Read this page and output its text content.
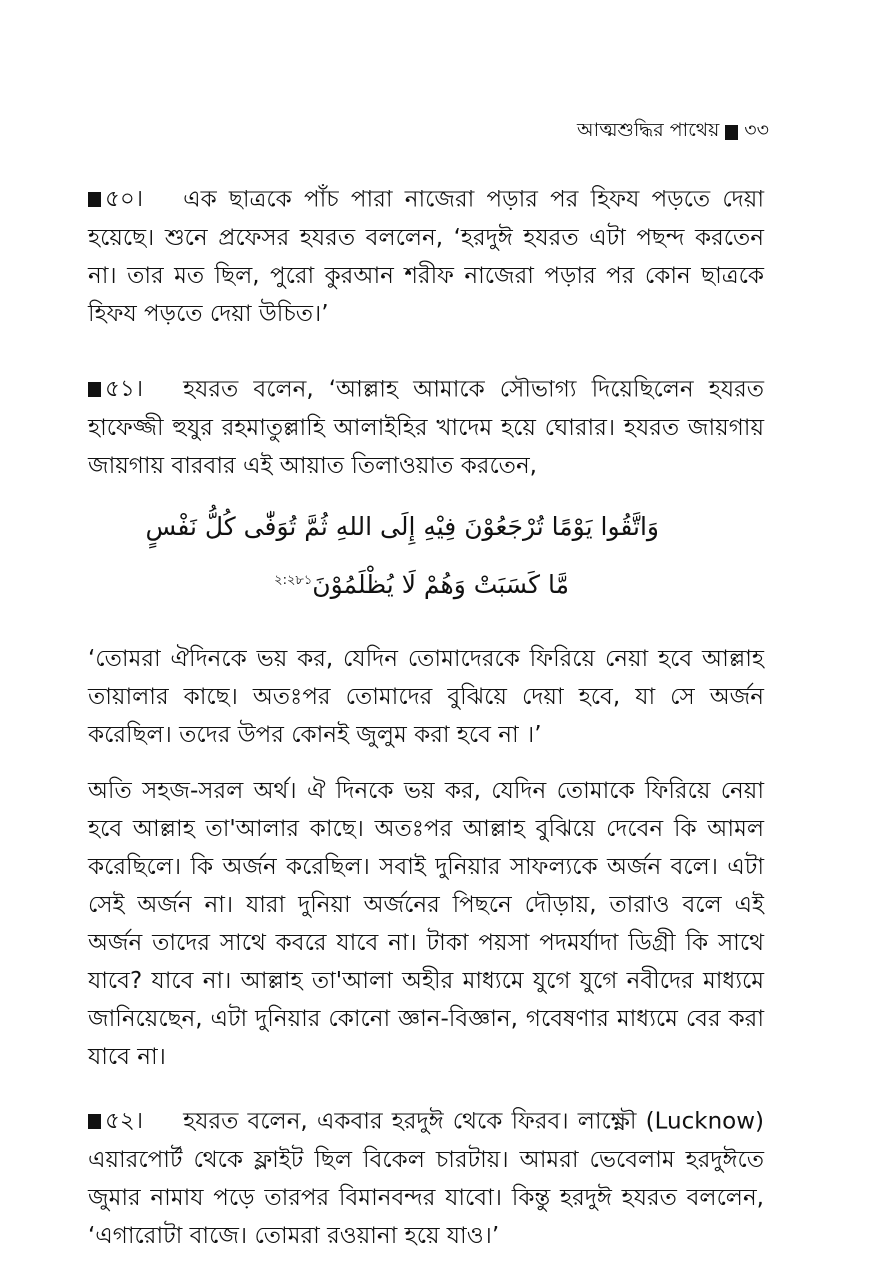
আত্মশুদ্ধির পাথেয় ৩৩
৫০। এক ছাত্রকে পাঁচ পারা নাজেরা পড়ার পর হিফয পড়তে দেয়া হয়েছে। শুনে প্রফেসর হযরত বললেন, ‘হরদুঈ হযরত এটা পছন্দ করতেন না। তার মত ছিল, পুরো কুরআন শরীফ নাজেরা পড়ার পর কোন ছাত্রকে হিফয পড়তে দেয়া উচিত।’
৫১। হযরত বলেন, ‘আল্লাহ আমাকে সৌভাগ্য দিয়েছিলেন হযরত হাফেজ্জী হুযুর রহমাতুল্লাহি আলাইহির খাদেম হয়ে ঘোরার। হযরত জায়গায় জায়গায় বারবার এই আয়াত তিলাওয়াত করতেন,
وَاتَّقُوا يَوْمًا تُرْجَعُوْنَ فِيْهِ إِلَى اللهِ ثُمَّ تُوَفّٰى كُلُّ نَفْسٍ
مَّا كَسَبَتْ وَهُمْ لَا يُظْلَمُوْنَ$^{২:২৮১}$
‘তোমরা ঐদিনকে ভয় কর, যেদিন তোমাদেরকে ফিরিয়ে নেয়া হবে আল্লাহ তায়ালার কাছে। অতঃপর তোমাদের বুঝিয়ে দেয়া হবে, যা সে অর্জন করেছিল। তদের উপর কোনই জুলুম করা হবে না ।’
অতি সহজ-সরল অর্থ। ঐ দিনকে ভয় কর, যেদিন তোমাকে ফিরিয়ে নেয়া হবে আল্লাহ তা'আলার কাছে। অতঃপর আল্লাহ বুঝিয়ে দেবেন কি আমল করেছিলে। কি অর্জন করেছিল। সবাই দুনিয়ার সাফল্যকে অর্জন বলে। এটা সেই অর্জন না। যারা দুনিয়া অর্জনের পিছনে দৌড়ায়, তারাও বলে এই অর্জন তাদের সাথে কবরে যাবে না। টাকা পয়সা পদমর্যাদা ডিগ্রী কি সাথে যাবে? যাবে না। আল্লাহ তা'আলা অহীর মাধ্যমে যুগে যুগে নবীদের মাধ্যমে জানিয়েছেন, এটা দুনিয়ার কোনো জ্ঞান-বিজ্ঞান, গবেষণার মাধ্যমে বের করা যাবে না।
৫২। হযরত বলেন, একবার হরদুঈ থেকে ফিরব। লাক্ষ্ণৌ (Lucknow) এয়ারপোর্ট থেকে ফ্লাইট ছিল বিকেল চারটায়। আমরা ভেবেলাম হরদুঈতে জুমার নামায পড়ে তারপর বিমানবন্দর যাবো। কিন্তু হরদুঈ হযরত বললেন, ‘এগারোটা বাজে। তোমরা রওয়ানা হয়ে যাও।’
